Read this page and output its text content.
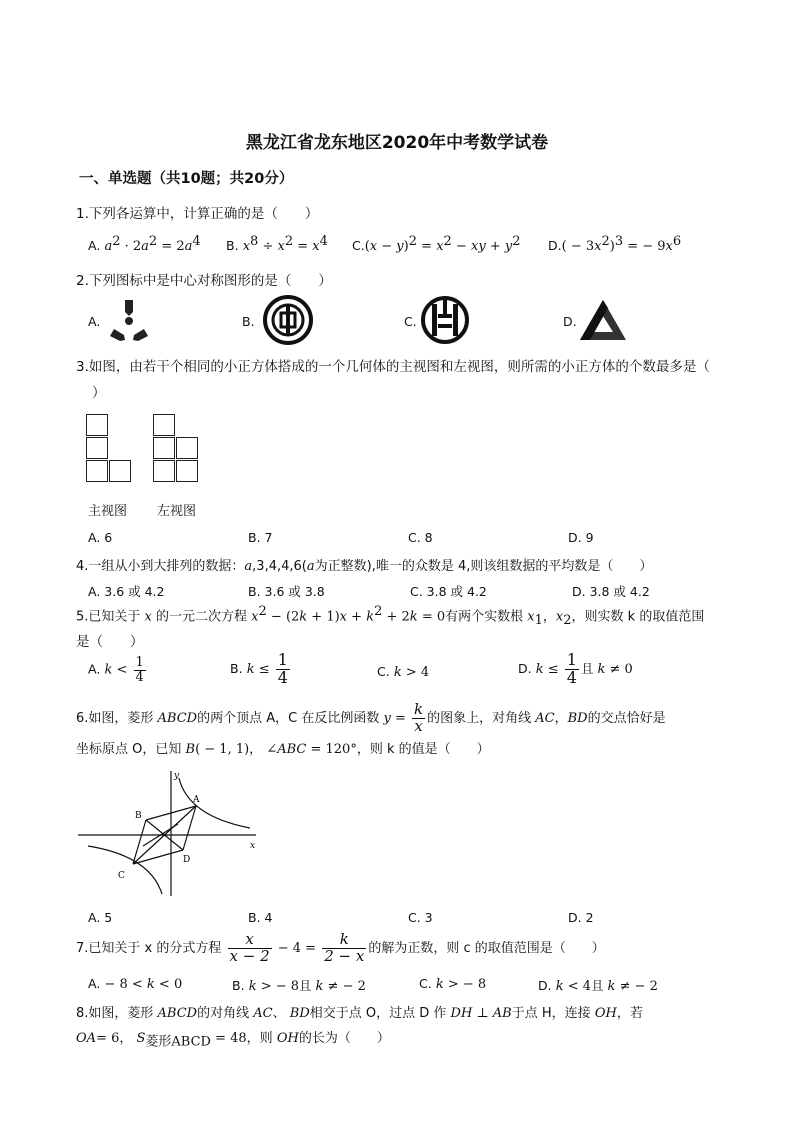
黑龙江省龙东地区2020年中考数学试卷
一、单选题（共10题；共20分）
1.下列各运算中，计算正确的是（　　）
A. $a^2 \cdot 2a^2 = 2a^4$ B. $x^8 \div x^2 = x^4$ $C.(x - y)^2 = x^2$ − xy + $y^2$ $D.( - 3x^2)^3$ = − $9x^6$
2.下列图标中是中心对称图形的是（　　）
A.	B.	C.	D.
3.如图，由若干个相同的小正方体搭成的一个几何体的主视图和左视图，则所需的小正方体的个数最多是（
）
主视图 左视图
A. 6	B. 7	C. 8	D. 9
4.一组从小到大排列的数据：a,3,4,4,6(a为正整数),唯一的众数是 4,则该组数据的平均数是（　　）
A. 3.6 或 4.2	B. 3.6 或 3.8	C. 3.8 或 4.2	D. 3.8 或 4.2
5.已知关于 x 的一元二次方程 $x^2 - (2k + 1)x + k^2 + 2k = 0$有两个实数根 $x_1$，$x_2$，则实数 k 的取值范围
是（　　）
A. $k < \frac{1}{4}$	B. $k \le \frac{1}{4}$	C. k > 4	D. $k \le \frac{1}{4}$ 且 k ≠ 0
6.如图，菱形 ABCD的两个顶点 A，C 在反比例函数 $y = \frac{k}{x}$ 的图象上，对角线 AC，BD的交点恰好是
坐标原点 O，已知 B( − 1, 1)， ∠ABC = 120°，则 k 的值是（　　）
A
B
C
D
x
y
A. 5	B. 4	C. 3	D. 2
7.已知关于 x 的分式方程 $\frac{x}{x - 2} - 4 = \frac{k}{2 - x}$ 的解为正数，则 c 的取值范围是（　　）
A. − 8 < k < 0	B. k > − 8且 k ≠ − 2	C. k > − 8	D. k < 4且 k ≠ − 2
8.如图，菱形 ABCD的对角线 AC、 BD相交于点 O，过点 D 作 DH ⊥ AB于点 H，连接 OH，若
OA= 6， $S_{菱形ABCD} = 48$，则 OH的长为（　　）
